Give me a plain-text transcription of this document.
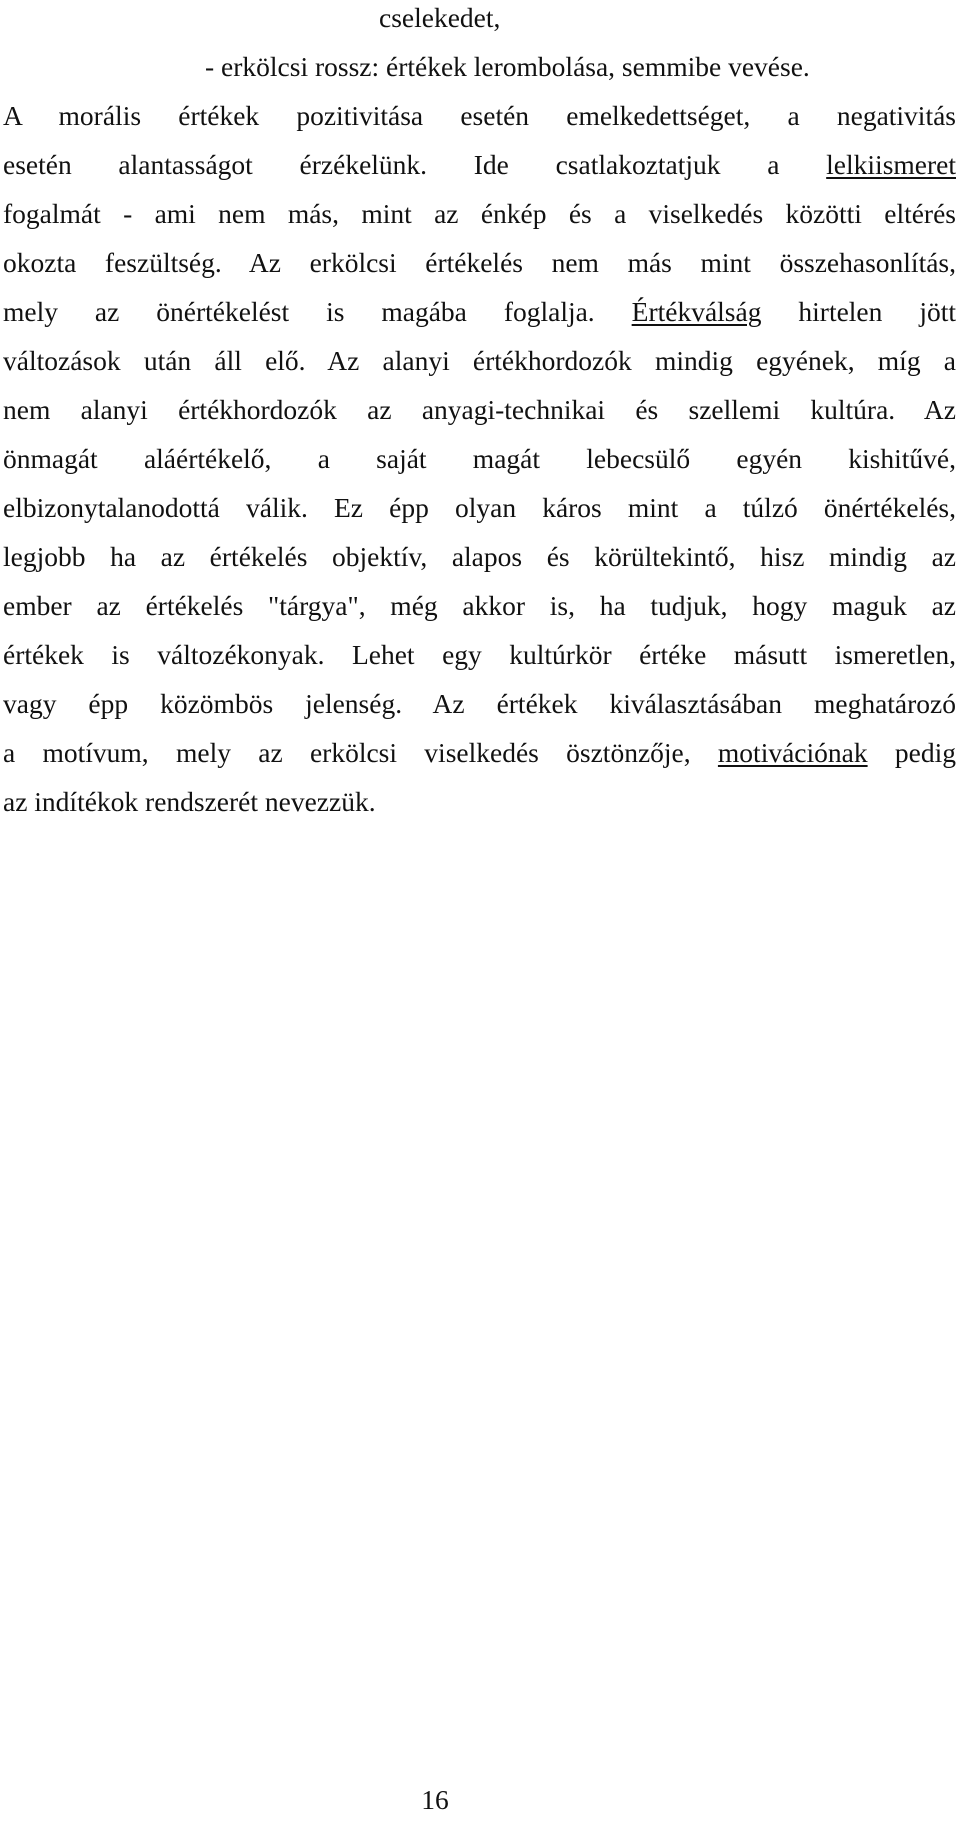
cselekedet,
- erkölcsi rossz: értékek lerombolása, semmibe vevése.
A morális értékek pozitivitása esetén emelkedettséget, a negativitás
esetén alantasságot érzékelünk. Ide csatlakoztatjuk a lelkiismeret
fogalmát - ami nem más, mint az énkép és a viselkedés közötti eltérés
okozta feszültség. Az erkölcsi értékelés nem más mint összehasonlítás,
mely az önértékelést is magába foglalja. Értékválság hirtelen jött
változások után áll elő. Az alanyi értékhordozók mindig egyének, míg a
nem alanyi értékhordozók az anyagi-technikai és szellemi kultúra. Az
önmagát aláértékelő, a saját magát lebecsülő egyén kishitűvé,
elbizonytalanodottá válik. Ez épp olyan káros mint a túlzó önértékelés,
legjobb ha az értékelés objektív, alapos és körültekintő, hisz mindig az
ember az értékelés "tárgya", még akkor is, ha tudjuk, hogy maguk az
értékek is változékonyak. Lehet egy kultúrkör értéke másutt ismeretlen,
vagy épp közömbös jelenség. Az értékek kiválasztásában meghatározó
a motívum, mely az erkölcsi viselkedés ösztönzője, motivációnak pedig
az indítékok rendszerét nevezzük.
16
